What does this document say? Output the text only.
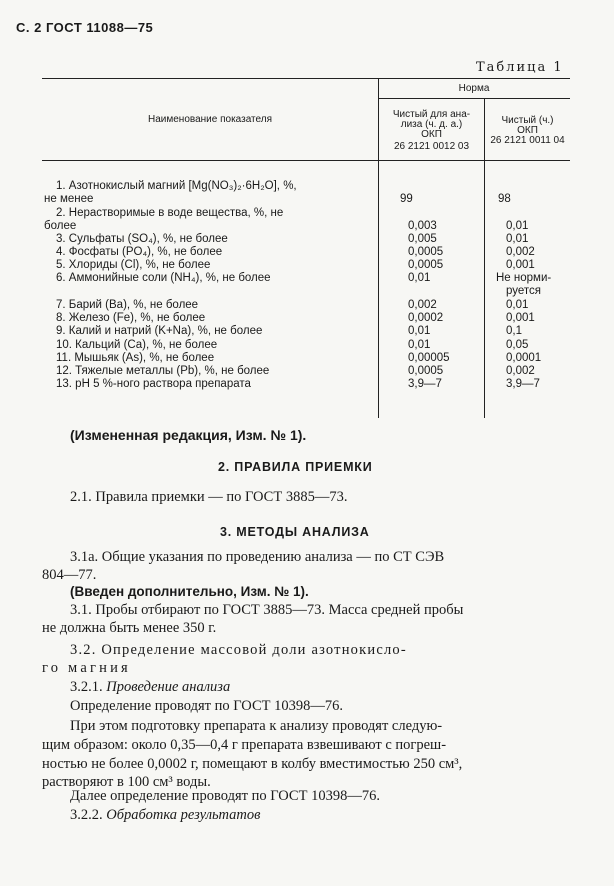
С. 2 ГОСТ 11088—75
Таблица 1
Наименование показателя
Норма
Чистый для ана-
лиза (ч. д. а.)
ОКП
26 2121 0012 03
Чистый (ч.)
ОКП
26 2121 0011 04
1. Азотнокислый магний [Mg(NO₃)₂·6H₂O], %,
не менее	99	98
2. Нерастворимые в воде вещества, %, не
более	0,003	0,01
3. Сульфаты (SO₄), %, не более	0,005	0,01
4. Фосфаты (PO₄), %, не более	0,0005	0,002
5. Хлориды (Cl), %, не более	0,0005	0,001
6. Аммонийные соли (NH₄), %, не более	0,01	Не норми-
руется
7. Барий (Ba), %, не более	0,002	0,01
8. Железо (Fe), %, не более	0,0002	0,001
9. Калий и натрий (K+Na), %, не более	0,01	0,1
10. Кальций (Ca), %, не более	0,01	0,05
11. Мышьяк (As), %, не более	0,00005	0,0001
12. Тяжелые металлы (Pb), %, не более	0,0005	0,002
13. pH 5 %-ного раствора препарата	3,9—7	3,9—7
(Измененная редакция, Изм. № 1).
2. ПРАВИЛА ПРИЕМКИ
2.1. Правила приемки — по ГОСТ 3885—73.
3. МЕТОДЫ АНАЛИЗА
3.1а. Общие указания по проведению анализа — по СТ СЭВ
804—77.
(Введен дополнительно, Изм. № 1).
3.1. Пробы отбирают по ГОСТ 3885—73. Масса средней пробы
не должна быть менее 350 г.
3.2. Определение массовой доли азотнокисло-
го магния
3.2.1. Проведение анализа
Определение проводят по ГОСТ 10398—76.
При этом подготовку препарата к анализу проводят следую-
щим образом: около 0,35—0,4 г препарата взвешивают с погреш-
ностью не более 0,0002 г, помещают в колбу вместимостью 250 см³,
растворяют в 100 см³ воды.
Далее определение проводят по ГОСТ 10398—76.
3.2.2. Обработка результатов
